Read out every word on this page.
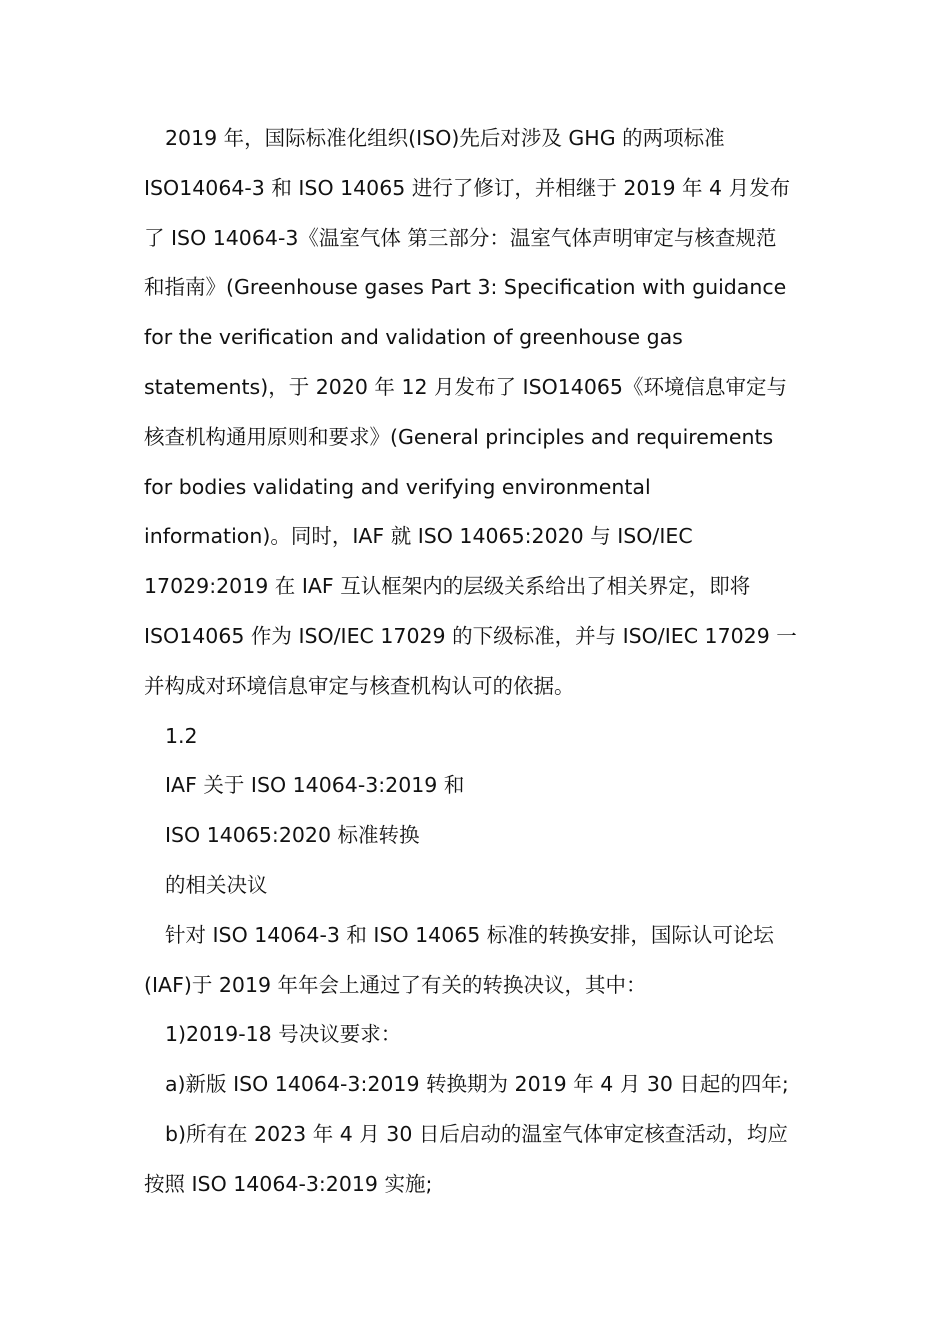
2019 年，国际标准化组织(ISO)先后对涉及 GHG 的两项标准
ISO14064-3 和 ISO 14065 进行了修订，并相继于 2019 年 4 月发布
了 ISO 14064-3《温室气体 第三部分：温室气体声明审定与核查规范
和指南》(Greenhouse gases Part 3: Specification with guidance
for the verification and validation of greenhouse gas
statements)，于 2020 年 12 月发布了 ISO14065《环境信息审定与
核查机构通用原则和要求》(General principles and requirements
for bodies validating and verifying environmental
information)。同时，IAF 就 ISO 14065:2020 与 ISO/IEC
17029:2019 在 IAF 互认框架内的层级关系给出了相关界定，即将
ISO14065 作为 ISO/IEC 17029 的下级标准，并与 ISO/IEC 17029 一
并构成对环境信息审定与核查机构认可的依据。
1.2
IAF 关于 ISO 14064-3:2019 和
ISO 14065:2020 标准转换
的相关决议
针对 ISO 14064-3 和 ISO 14065 标准的转换安排，国际认可论坛
(IAF)于 2019 年年会上通过了有关的转换决议，其中：
1)2019-18 号决议要求：
a)新版 ISO 14064-3:2019 转换期为 2019 年 4 月 30 日起的四年;
b)所有在 2023 年 4 月 30 日后启动的温室气体审定核查活动，均应
按照 ISO 14064-3:2019 实施;
